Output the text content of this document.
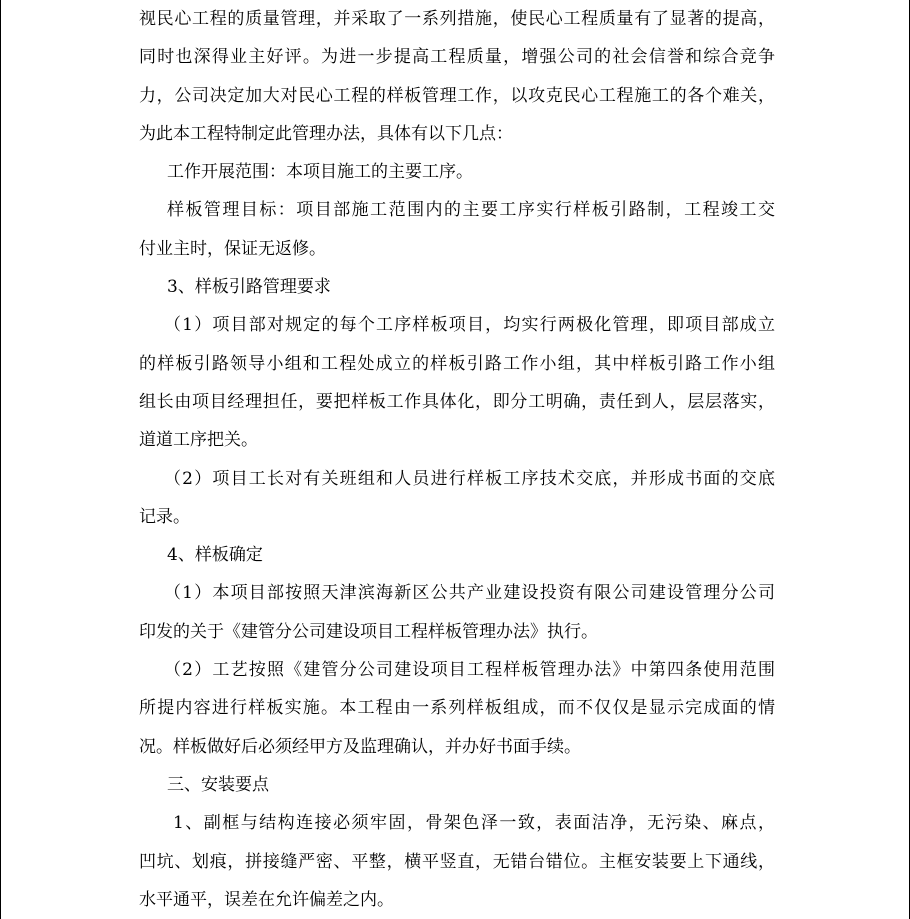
视民心工程的质量管理，并采取了一系列措施，使民心工程质量有了显著的提高，
同时也深得业主好评。为进一步提高工程质量，增强公司的社会信誉和综合竞争
力，公司决定加大对民心工程的样板管理工作，以攻克民心工程施工的各个难关，
为此本工程特制定此管理办法，具体有以下几点：
工作开展范围：本项目施工的主要工序。
样板管理目标：项目部施工范围内的主要工序实行样板引路制，工程竣工交
付业主时，保证无返修。
3、样板引路管理要求
（1）项目部对规定的每个工序样板项目，均实行两极化管理，即项目部成立
的样板引路领导小组和工程处成立的样板引路工作小组，其中样板引路工作小组
组长由项目经理担任，要把样板工作具体化，即分工明确，责任到人，层层落实，
道道工序把关。
（2）项目工长对有关班组和人员进行样板工序技术交底，并形成书面的交底
记录。
4、样板确定
（1）本项目部按照天津滨海新区公共产业建设投资有限公司建设管理分公司
印发的关于《建管分公司建设项目工程样板管理办法》执行。
（2）工艺按照《建管分公司建设项目工程样板管理办法》中第四条使用范围
所提内容进行样板实施。本工程由一系列样板组成，而不仅仅是显示完成面的情
况。样板做好后必须经甲方及监理确认，并办好书面手续。
三、安装要点
1、副框与结构连接必须牢固，骨架色泽一致，表面洁净，无污染、麻点，
凹坑、划痕，拼接缝严密、平整，横平竖直，无错台错位。主框安装要上下通线，
水平通平，误差在允许偏差之内。
